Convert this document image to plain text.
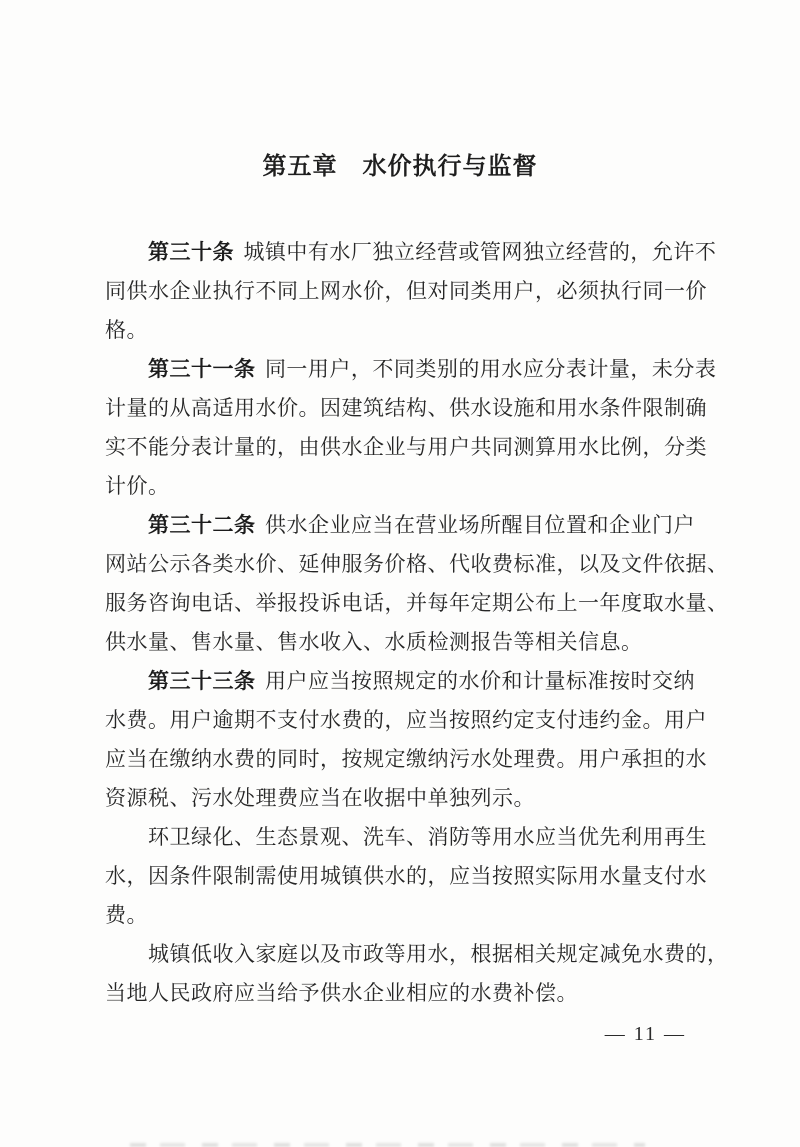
第五章　水价执行与监督
第三十条 城镇中有水厂独立经营或管网独立经营的，允许不
同供水企业执行不同上网水价，但对同类用户，必须执行同一价
格。
第三十一条 同一用户，不同类别的用水应分表计量，未分表
计量的从高适用水价。因建筑结构、供水设施和用水条件限制确
实不能分表计量的，由供水企业与用户共同测算用水比例，分类
计价。
第三十二条 供水企业应当在营业场所醒目位置和企业门户
网站公示各类水价、延伸服务价格、代收费标准，以及文件依据、
服务咨询电话、举报投诉电话，并每年定期公布上一年度取水量、
供水量、售水量、售水收入、水质检测报告等相关信息。
第三十三条 用户应当按照规定的水价和计量标准按时交纳
水费。用户逾期不支付水费的，应当按照约定支付违约金。用户
应当在缴纳水费的同时，按规定缴纳污水处理费。用户承担的水
资源税、污水处理费应当在收据中单独列示。
环卫绿化、生态景观、洗车、消防等用水应当优先利用再生
水，因条件限制需使用城镇供水的，应当按照实际用水量支付水
费。
城镇低收入家庭以及市政等用水，根据相关规定减免水费的，
当地人民政府应当给予供水企业相应的水费补偿。
— 11 —
